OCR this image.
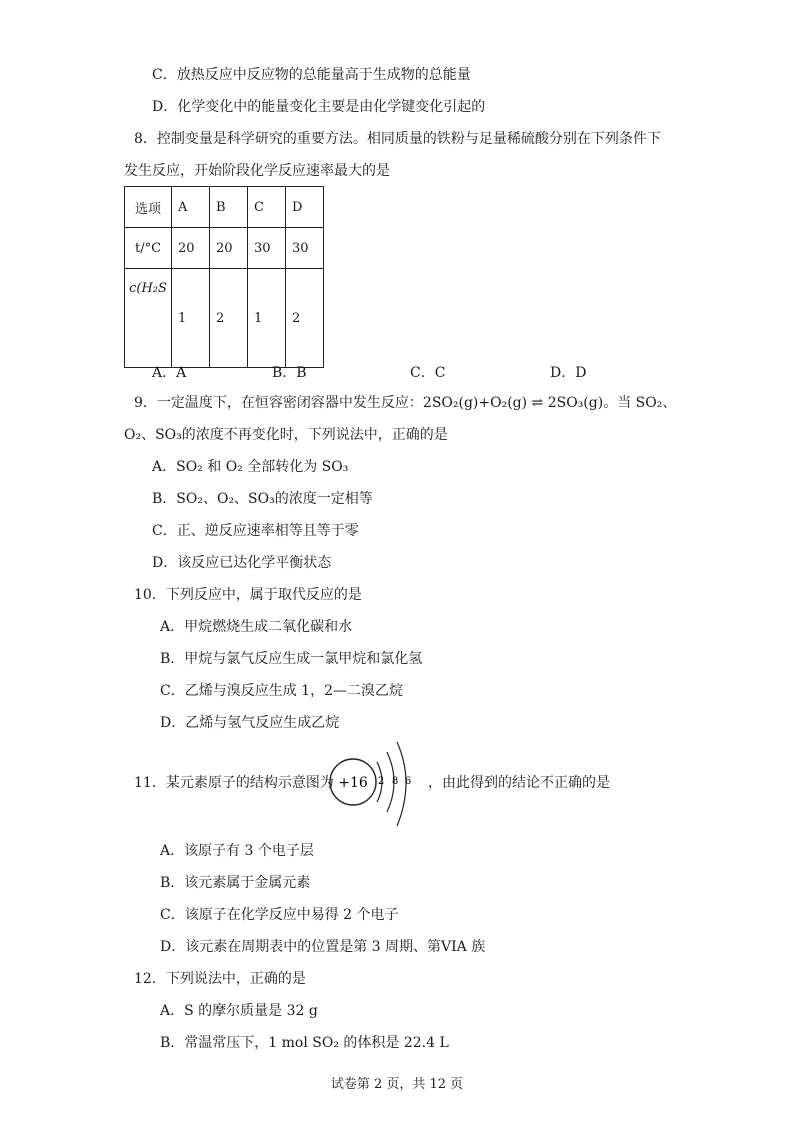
C．放热反应中反应物的总能量高于生成物的总能量
D．化学变化中的能量变化主要是由化学键变化引起的
8．控制变量是科学研究的重要方法。相同质量的铁粉与足量稀硫酸分别在下列条件下
发生反应，开始阶段化学反应速率最大的是
选项	A	B	C	D
t/°C	20	20	30	30
c(H₂S	1	2	1	2
A．A	B．B	C．C	D．D
9．一定温度下，在恒容密闭容器中发生反应：2SO₂(g)+O₂(g) ⇌ 2SO₃(g)。当 SO₂、
O₂、SO₃的浓度不再变化时，下列说法中，正确的是
A．SO₂ 和 O₂ 全部转化为 SO₃
B．SO₂、O₂、SO₃的浓度一定相等
C．正、逆反应速率相等且等于零
D．该反应已达化学平衡状态
10．下列反应中，属于取代反应的是
A．甲烷燃烧生成二氧化碳和水
B．甲烷与氯气反应生成一氯甲烷和氯化氢
C．乙烯与溴反应生成 1，2—二溴乙烷
D．乙烯与氢气反应生成乙烷
11．某元素原子的结构示意图为 +16 2 8 6 ，由此得到的结论不正确的是
A．该原子有 3 个电子层
B．该元素属于金属元素
C．该原子在化学反应中易得 2 个电子
D．该元素在周期表中的位置是第 3 周期、第VIA 族
12．下列说法中，正确的是
A．S 的摩尔质量是 32 g
B．常温常压下，1 mol SO₂ 的体积是 22.4 L
试卷第 2 页，共 12 页
